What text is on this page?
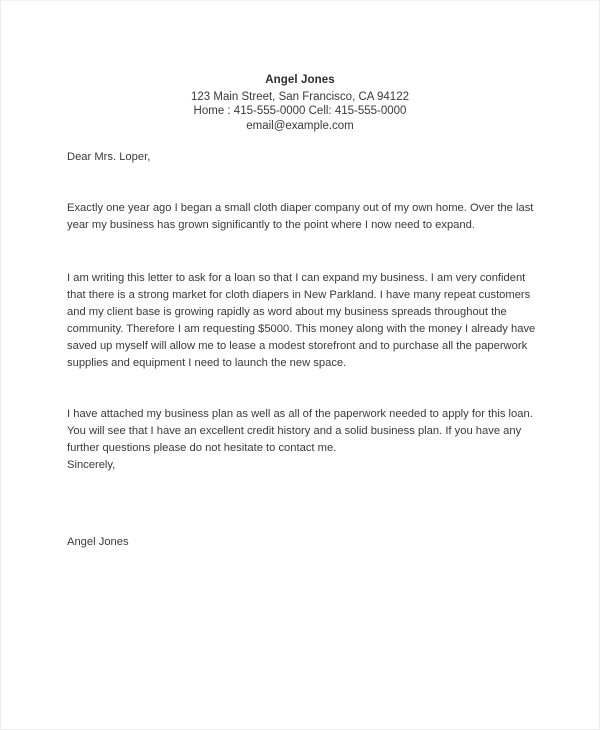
Angel Jones
123 Main Street, San Francisco, CA 94122
Home : 415-555-0000 Cell: 415-555-0000
email@example.com

Dear Mrs. Loper,

Exactly one year ago I began a small cloth diaper company out of my own home. Over the last year my business has grown significantly to the point where I now need to expand.

I am writing this letter to ask for a loan so that I can expand my business. I am very confident that there is a strong market for cloth diapers in New Parkland. I have many repeat customers and my client base is growing rapidly as word about my business spreads throughout the community. Therefore I am requesting $5000. This money along with the money I already have saved up myself will allow me to lease a modest storefront and to purchase all the paperwork supplies and equipment I need to launch the new space.

I have attached my business plan as well as all of the paperwork needed to apply for this loan. You will see that I have an excellent credit history and a solid business plan. If you have any further questions please do not hesitate to contact me.

Sincerely,

Angel Jones
